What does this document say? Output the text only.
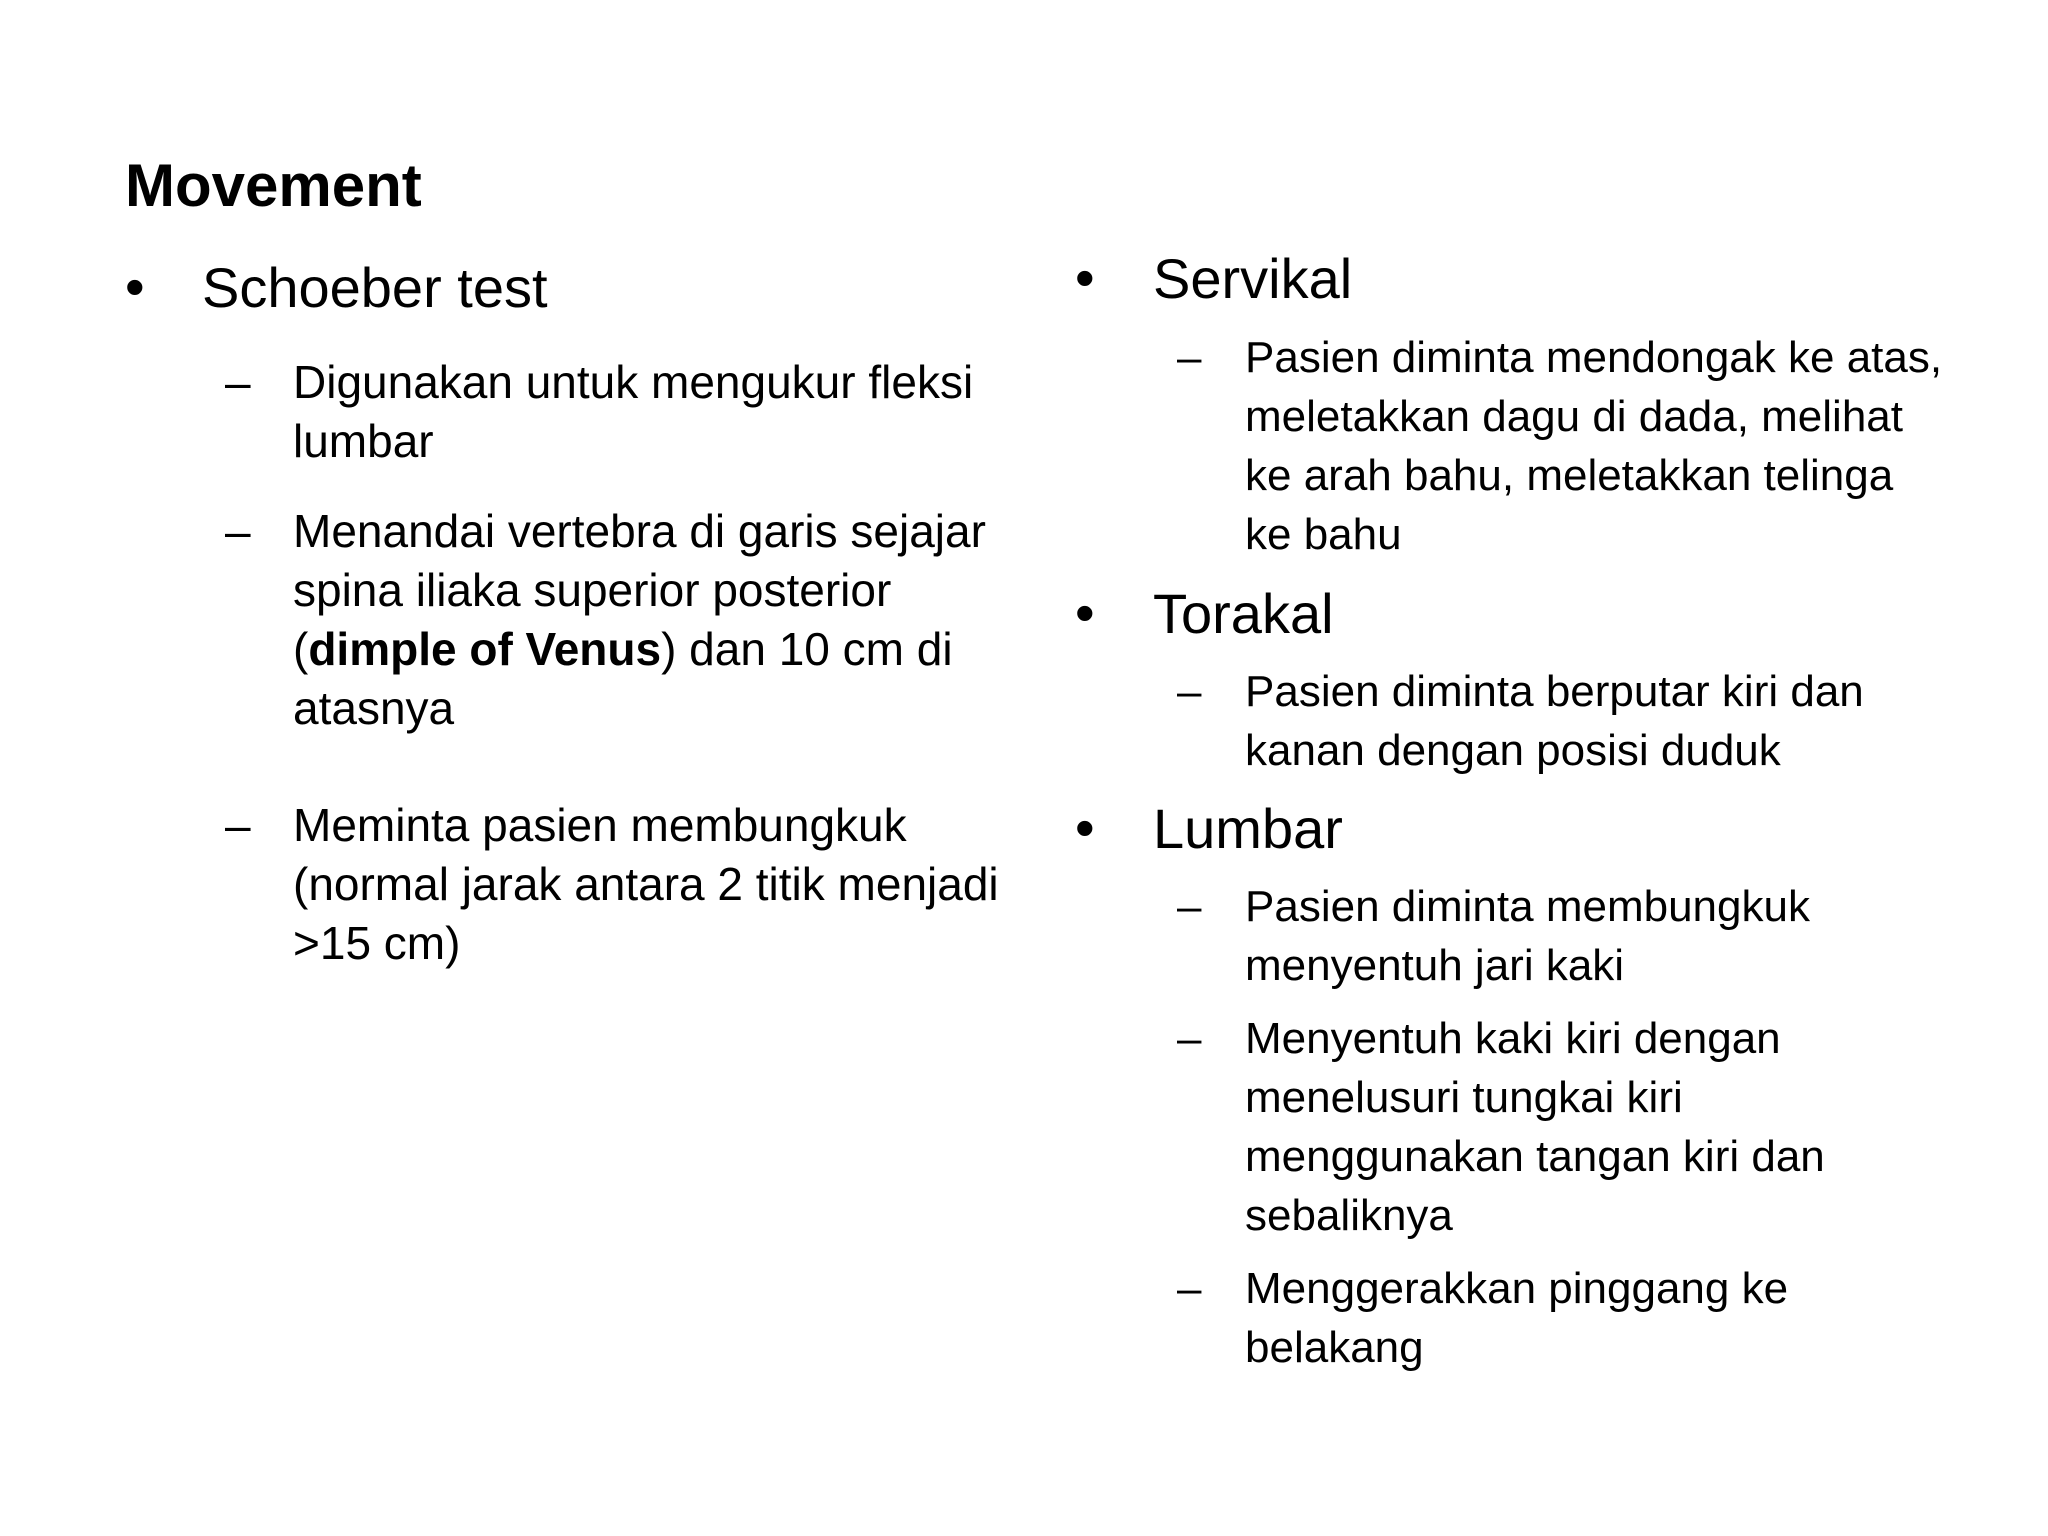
Movement
• Schoeber test

– Digunakan untuk mengukur fleksi lumbar

– Menandai vertebra di garis sejajar spina iliaka superior posterior (dimple of Venus) dan 10 cm di atasnya

– Meminta pasien membungkuk (normal jarak antara 2 titik menjadi >15 cm)

• Servikal

– Pasien diminta mendongak ke atas, meletakkan dagu di dada, melihat ke arah bahu, meletakkan telinga ke bahu

• Torakal

– Pasien diminta berputar kiri dan kanan dengan posisi duduk

• Lumbar

– Pasien diminta membungkuk menyentuh jari kaki

– Menyentuh kaki kiri dengan menelusuri tungkai kiri menggunakan tangan kiri dan sebaliknya

– Menggerakkan pinggang ke belakang
